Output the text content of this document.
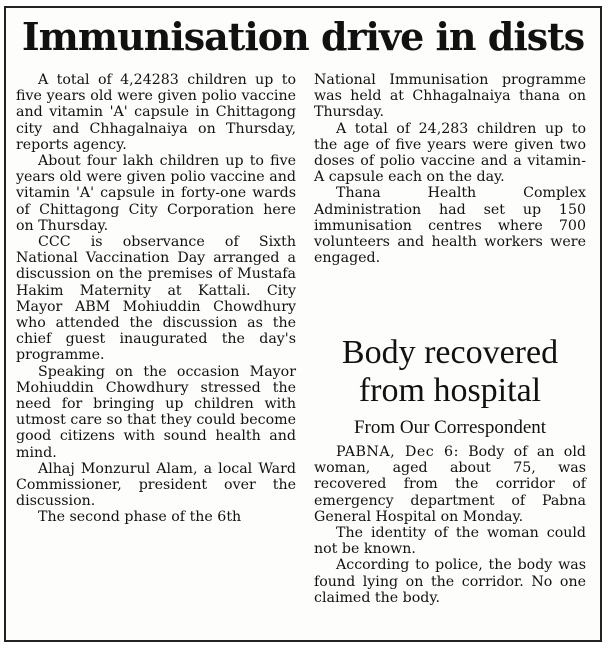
Immunisation drive in dists

A total of 4,24283 children up to five years old were given polio vaccine and vitamin 'A' capsule in Chittagong city and Chhagalnaiya on Thursday, reports agency.

About four lakh children up to five years old were given polio vaccine and vitamin 'A' capsule in forty-one wards of Chittagong City Corporation here on Thursday.

CCC is observance of Sixth National Vaccination Day arranged a discussion on the premises of Mustafa Hakim Maternity at Kattali. City Mayor ABM Mohiuddin Chowdhury who attended the discussion as the chief guest inaugurated the day's programme.

Speaking on the occasion Mayor Mohiuddin Chowdhury stressed the need for bringing up children with utmost care so that they could become good citizens with sound health and mind.

Alhaj Monzurul Alam, a local Ward Commissioner, president over the discussion.

The second phase of the 6th

National Immunisation programme was held at Chhagalnaiya thana on Thursday.

A total of 24,283 children up to the age of five years were given two doses of polio vaccine and a vitamin-A capsule each on the day.

Thana Health Complex Administration had set up 150 immunisation centres where 700 volunteers and health workers were engaged.

Body recovered from hospital
From Our Correspondent

PABNA, Dec 6: Body of an old woman, aged about 75, was recovered from the corridor of emergency department of Pabna General Hospital on Monday.

The identity of the woman could not be known.

According to police, the body was found lying on the corridor. No one claimed the body.
